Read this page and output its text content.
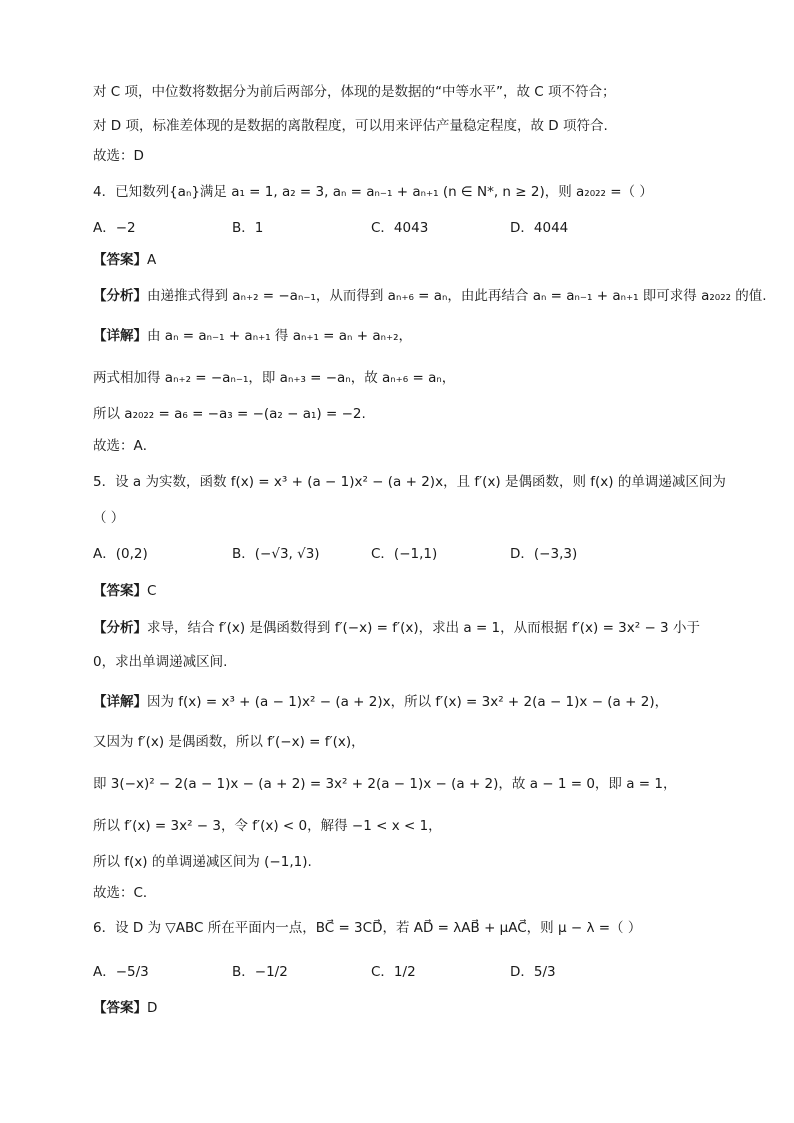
对 C 项，中位数将数据分为前后两部分，体现的是数据的“中等水平”，故 C 项不符合；
对 D 项，标准差体现的是数据的离散程度，可以用来评估产量稳定程度，故 D 项符合.
故选：D
4．已知数列{aₙ}满足 a₁ = 1, a₂ = 3, aₙ = aₙ₋₁ + aₙ₊₁ (n ∈ N*, n ≥ 2)，则 a₂₀₂₂ =（ ）
A．−2	B．1	C．4043	D．4044
【答案】A
【分析】由递推式得到 aₙ₊₂ = −aₙ₋₁，从而得到 aₙ₊₆ = aₙ，由此再结合 aₙ = aₙ₋₁ + aₙ₊₁ 即可求得 a₂₀₂₂ 的值.
【详解】由 aₙ = aₙ₋₁ + aₙ₊₁ 得 aₙ₊₁ = aₙ + aₙ₊₂，
两式相加得 aₙ₊₂ = −aₙ₋₁，即 aₙ₊₃ = −aₙ，故 aₙ₊₆ = aₙ，
所以 a₂₀₂₂ = a₆ = −a₃ = −(a₂ − a₁) = −2.
故选：A．
5．设 a 为实数，函数 f(x) = x³ + (a − 1)x² − (a + 2)x，且 f′(x) 是偶函数，则 f(x) 的单调递减区间为
（ ）
A．(0,2)	B．(−√3, √3)	C．(−1,1)	D．(−3,3)
【答案】C
【分析】求导，结合 f′(x) 是偶函数得到 f′(−x) = f′(x)，求出 a = 1，从而根据 f′(x) = 3x² − 3 小于
0，求出单调递减区间.
【详解】因为 f(x) = x³ + (a − 1)x² − (a + 2)x，所以 f′(x) = 3x² + 2(a − 1)x − (a + 2)，
又因为 f′(x) 是偶函数，所以 f′(−x) = f′(x)，
即 3(−x)² − 2(a − 1)x − (a + 2) = 3x² + 2(a − 1)x − (a + 2)，故 a − 1 = 0，即 a = 1，
所以 f′(x) = 3x² − 3，令 f′(x) < 0，解得 −1 < x < 1，
所以 f(x) 的单调递减区间为 (−1,1).
故选：C．
6．设 D 为 ▽ABC 所在平面内一点，BC⃗ = 3CD⃗，若 AD⃗ = λAB⃗ + μAC⃗，则 μ − λ =（ ）
A．−5/3	B．−1/2	C．1/2	D．5/3
【答案】D
